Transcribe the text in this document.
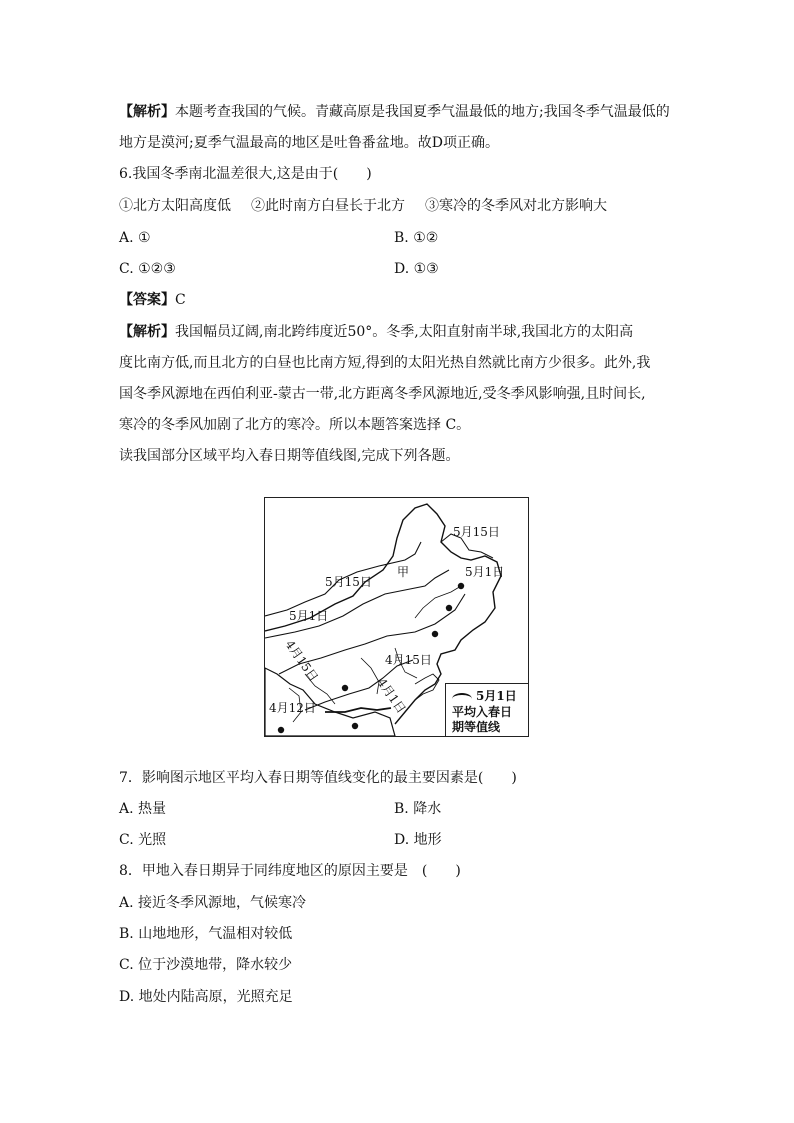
【解析】本题考查我国的气候。青藏高原是我国夏季气温最低的地方;我国冬季气温最低的
地方是漠河;夏季气温最高的地区是吐鲁番盆地。故D项正确。
6.我国冬季南北温差很大,这是由于(　　)
①北方太阳高度低 ②此时南方白昼长于北方 ③寒冷的冬季风对北方影响大
A. ①	B. ①②
C. ①②③	D. ①③
【答案】C
【解析】我国幅员辽阔,南北跨纬度近50°。冬季,太阳直射南半球,我国北方的太阳高
度比南方低,而且北方的白昼也比南方短,得到的太阳光热自然就比南方少很多。此外,我
国冬季风源地在西伯利亚-蒙古一带,北方距离冬季风源地近,受冬季风影响强,且时间长,
寒冷的冬季风加剧了北方的寒冷。所以本题答案选择 C。
读我国部分区域平均入春日期等值线图,完成下列各题。
5月15日
5月15日
甲	5月1日
5月1日
4月15日	4月15日
4月1日
4月12日
5月1日
平均入春日
期等值线
7．影响图示地区平均入春日期等值线变化的最主要因素是(　　)
A. 热量	B. 降水
C. 光照	D. 地形
8．甲地入春日期异于同纬度地区的原因主要是　(　　)
A. 接近冬季风源地，气候寒冷
B. 山地地形，气温相对较低
C. 位于沙漠地带，降水较少
D. 地处内陆高原，光照充足
